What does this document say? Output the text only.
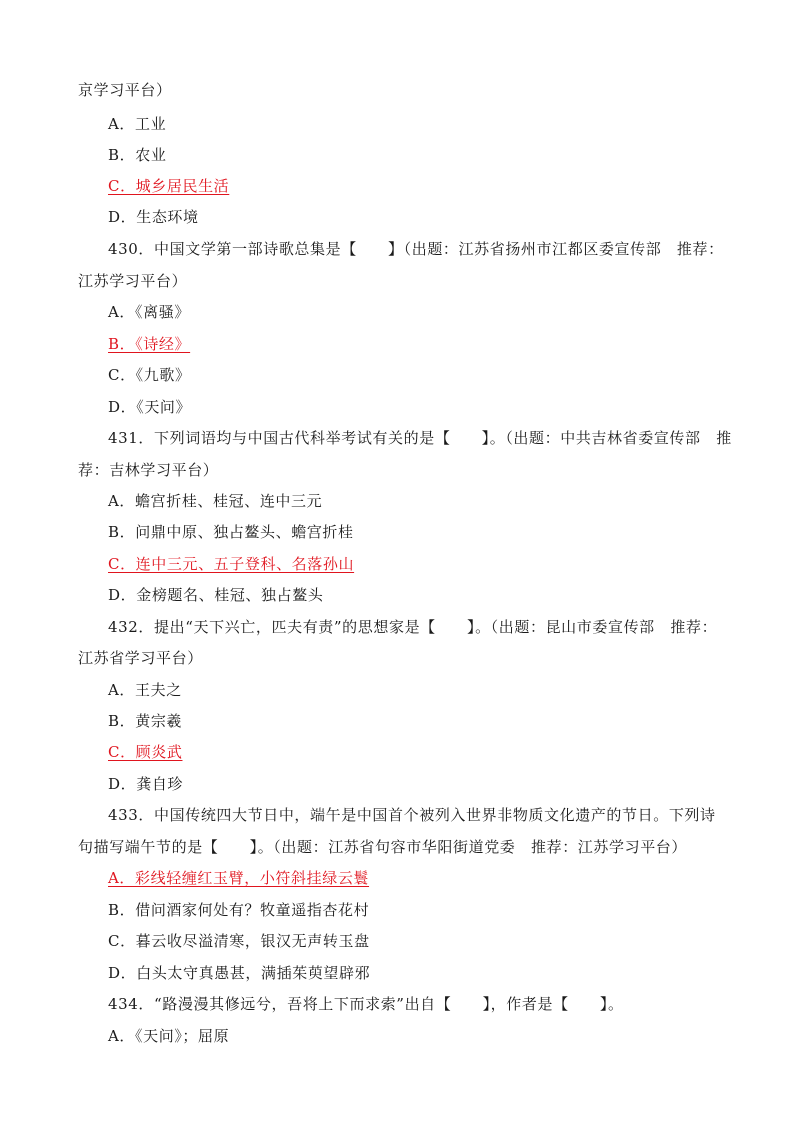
京学习平台）
A．工业
B．农业
C．城乡居民生活
D．生态环境
430．中国文学第一部诗歌总集是【　　】（出题：江苏省扬州市江都区委宣传部　推荐：
江苏学习平台）
A．《离骚》
B．《诗经》
C．《九歌》
D．《天问》
431．下列词语均与中国古代科举考试有关的是【　　】。（出题：中共吉林省委宣传部　推
荐：吉林学习平台）
A．蟾宫折桂、桂冠、连中三元
B．问鼎中原、独占鳌头、蟾宫折桂
C．连中三元、五子登科、名落孙山
D．金榜题名、桂冠、独占鳌头
432．提出“天下兴亡，匹夫有责”的思想家是【　　】。（出题：昆山市委宣传部　推荐：
江苏省学习平台）
A．王夫之
B．黄宗羲
C．顾炎武
D．龚自珍
433．中国传统四大节日中，端午是中国首个被列入世界非物质文化遗产的节日。下列诗
句描写端午节的是【　　】。（出题：江苏省句容市华阳街道党委　推荐：江苏学习平台）
A．彩线轻缠红玉臂，小符斜挂绿云鬟
B．借问酒家何处有？牧童遥指杏花村
C．暮云收尽溢清寒，银汉无声转玉盘
D．白头太守真愚甚，满插茱萸望辟邪
434．“路漫漫其修远兮，吾将上下而求索”出自【　　】，作者是【　　】。
A．《天问》；屈原
